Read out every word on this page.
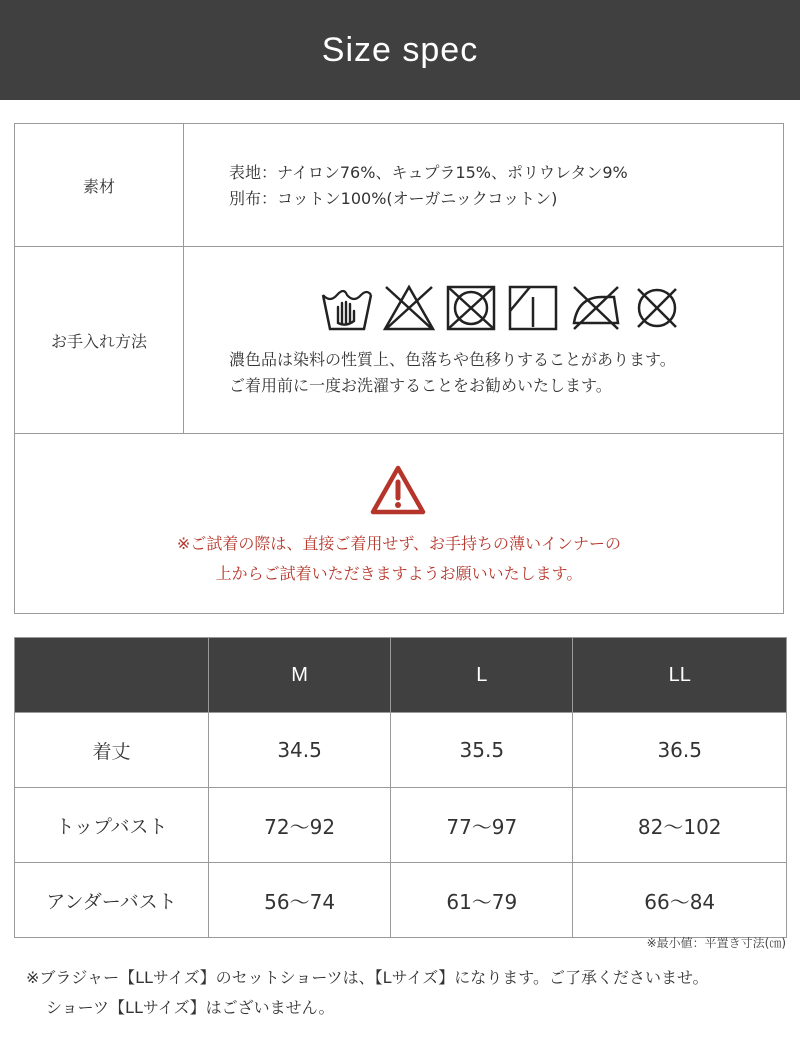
Size spec
素材
表地：ナイロン76%、キュプラ15%、ポリウレタン9%
別布：コットン100%(オーガニックコットン)
お手入れ方法
濃色品は染料の性質上、色落ちや色移りすることがあります。
ご着用前に一度お洗濯することをお勧めいたします。
※ご試着の際は、直接ご着用せず、お手持ちの薄いインナーの
上からご試着いただきますようお願いいたします。
	M	L	LL
着丈	34.5	35.5	36.5
トップバスト	72〜92	77〜97	82〜102
アンダーバスト	56〜74	61〜79	66〜84
※最小値：平置き寸法(㎝)
※ブラジャー【LLサイズ】のセットショーツは、【Lサイズ】になります。ご了承くださいませ。
ショーツ【LLサイズ】はございません。
